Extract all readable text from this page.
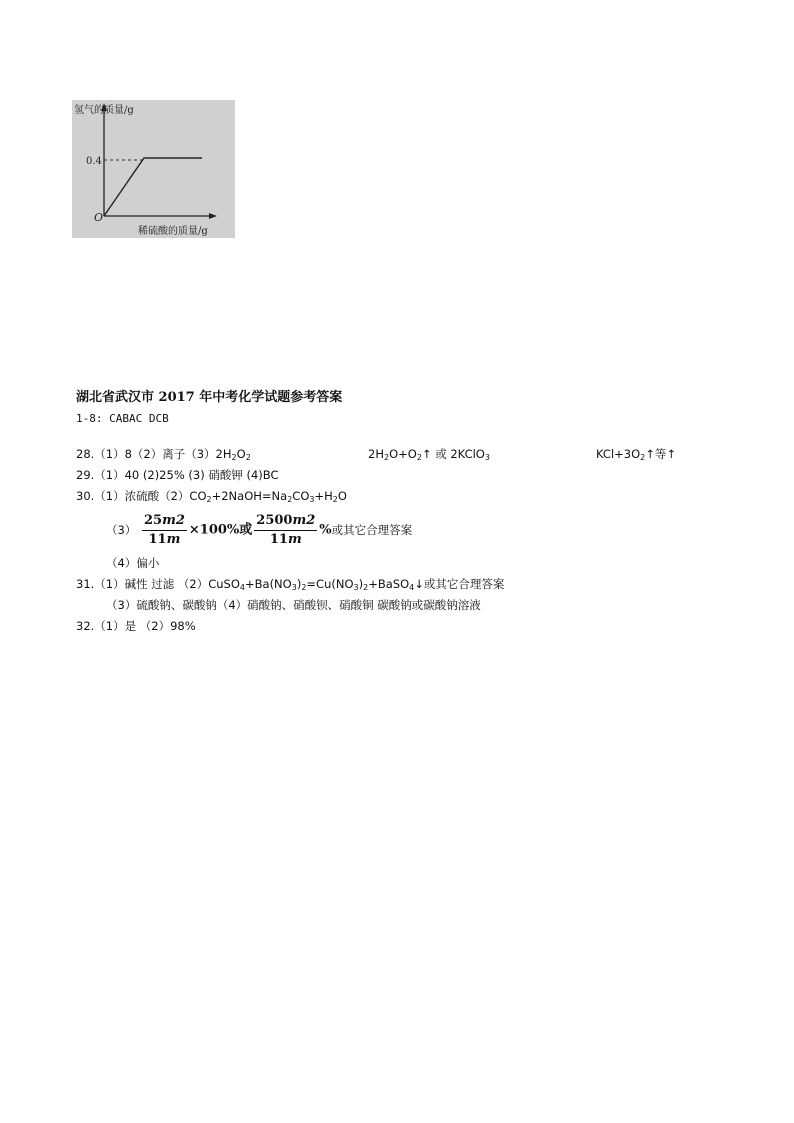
氢气的质量/g
0.4
O
稀硫酸的质量/g
湖北省武汉市 2017 年中考化学试题参考答案
1-8: CABAC DCB
28.（1）8（2）离子$(3)2H_2O_2$	$2H_2O+O_2↑$ 或 2KClO$_3$	$KCl+3O_2↑$等↑
29.（1）40 (2)25% (3) 硝酸钾 (4)BC
30.（1）浓硫酸$(2)CO_2+2NaOH=Na_2CO_3+H_2O$
$(3) \frac{25m2}{11m} \times 100\%$或 $\frac{2500m2}{11m}$ %或其它合理答案
（4）偏小
31.（1）碱性 过滤 $(2)CuSO_4+Ba(NO_3)_2=Cu(NO_3)_2+BaSO_4↓$或其它合理答案
（3）硫酸钠、碳酸钠（4）硝酸钠、硝酸钡、硝酸铜 碳酸钠或碳酸钠溶液
32.（1）是 （2）98%
